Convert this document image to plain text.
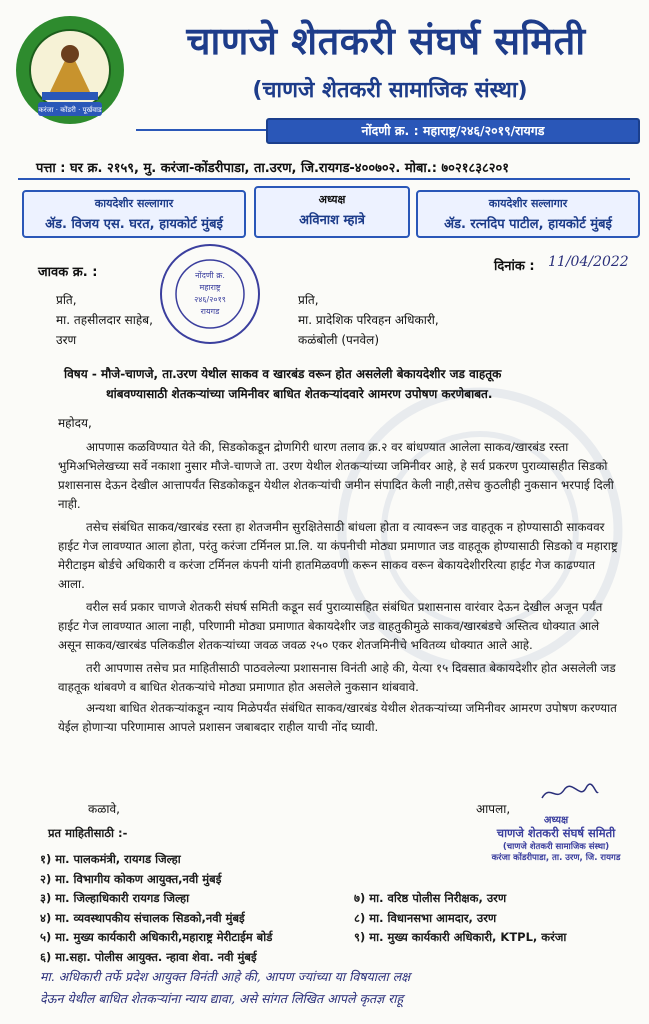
करंजा · कोंडरी · पूर्खवाड
चाणजे शेतकरी संघर्ष समिती
(चाणजे शेतकरी सामाजिक संस्था)
नोंदणी क्र. : महाराष्ट्र/२४६/२०१९/रायगड
पत्ता : घर क्र. २१५९, मु. करंजा-कोंडरीपाडा, ता.उरण, जि.रायगड-४००७०२. मोबा.: ७०२१८३८२०१
कायदेशीर सल्लागार
ॲड. विजय एस. घरत, हायकोर्ट मुंबई
अध्यक्ष
अविनाश म्हात्रे
कायदेशीर सल्लागार
ॲड. रत्नदिप पाटील, हायकोर्ट मुंबई
जावक क्र. :	दिनांक : 11/04/2022
नोंदणी क्र.
महाराष्ट्र
२४६/२०१९
रायगड
प्रति,
मा. तहसीलदार साहेब,
उरण
प्रति,
मा. प्रादेशिक परिवहन अधिकारी,
कळंबोली (पनवेल)
विषय - मौजे-चाणजे, ता.उरण येथील साकव व खारबंड वरून होत असलेली बेकायदेशीर जड वाहतूक
थांबवण्यासाठी शेतकऱ्यांच्या जमिनीवर बाधित शेतकऱ्यांदवारे आमरण उपोषण करणेबाबत.
महोदय,

आपणास कळविण्यात येते की, सिडकोकडून द्रोणगिरी धारण तलाव क्र.२ वर बांधण्यात आलेला साकव/खारबंड रस्ता भुमिअभिलेखच्या सर्वे नकाशा नुसार मौजे-चाणजे ता. उरण येथील शेतकऱ्यांच्या जमिनीवर आहे, हे सर्व प्रकरण पुराव्यासहीत सिडको प्रशासनास देऊन देखील आत्तापर्यंत सिडकोकडून येथील शेतकऱ्यांची जमीन संपादित केली नाही,तसेच कुठलीही नुकसान भरपाई दिली नाही.

तसेच संबंधित साकव/खारबंड रस्ता हा शेतजमीन सुरक्षितेसाठी बांधला होता व त्यावरून जड वाहतूक न होण्यासाठी साकववर हाईट गेज लावण्यात आला होता, परंतु करंजा टर्मिनल प्रा.लि. या कंपनीची मोठ्या प्रमाणात जड वाहतूक होण्यासाठी सिडको व महाराष्ट्र मेरीटाइम बोर्डचे अधिकारी व करंजा टर्मिनल कंपनी यांनी हातमिळवणी करून साकव वरून बेकायदेशीररित्या हाईट गेज काढण्यात आला.

वरील सर्व प्रकार चाणजे शेतकरी संघर्ष समिती कडून सर्व पुराव्यासहित संबंधित प्रशासनास वारंवार देऊन देखील अजून पर्यंत हाईट गेज लावण्यात आला नाही, परिणामी मोठ्या प्रमाणात बेकायदेशीर जड वाहतुकीमुळे साकव/खारबंडचे अस्तित्व धोक्यात आले असून साकव/खारबंड पलिकडील शेतकऱ्यांच्या जवळ जवळ २५० एकर शेतजमिनीचे भवितव्य धोक्यात आले आहे.

तरी आपणास तसेच प्रत माहितीसाठी पाठवलेल्या प्रशासनास विनंती आहे की, येत्या १५ दिवसात बेकायदेशीर होत असलेली जड वाहतूक थांबवणे व बाधित शेतकऱ्यांचे मोठ्या प्रमाणात होत असलेले नुकसान थांबवावे.

अन्यथा बाधित शेतकऱ्यांकडून न्याय मिळेपर्यंत संबंधित साकव/खारबंड येथील शेतकऱ्यांच्या जमिनीवर आमरण उपोषण करण्यात येईल होणाऱ्या परिणामास आपले प्रशासन जबाबदार राहील याची नोंद घ्यावी.

कळावे,	आपला,
अध्यक्ष
चाणजे शेतकरी संघर्ष समिती
(चाणजे शेतकरी सामाजिक संस्था)
करंजा कोंडरीपाडा, ता. उरण, जि. रायगड
प्रत माहितीसाठी :-
१) मा. पालकमंत्री, रायगड जिल्हा
२) मा. विभागीय कोकण आयुक्त,नवी मुंबई
३) मा. जिल्हाधिकारी रायगड जिल्हा
४) मा. व्यवस्थापकीय संचालक सिडको,नवी मुंबई
५) मा. मुख्य कार्यकारी अधिकारी,महाराष्ट्र मेरीटाईम बोर्ड
६) मा.सहा. पोलीस आयुक्त. न्हावा शेवा. नवी मुंबई
७) मा. वरिष्ठ पोलीस निरीक्षक, उरण
८) मा. विधानसभा आमदार, उरण
९) मा. मुख्य कार्यकारी अधिकारी, KTPL, करंजा
मा. अधिकारी तर्फे प्रदेश आयुक्त विनंती आहे की, आपण ज्यांच्या या विषयाला लक्ष
देऊन येथील बाधित शेतकऱ्यांना न्याय द्यावा, असे सांगत लिखित आपले कृतज्ञ राहू
